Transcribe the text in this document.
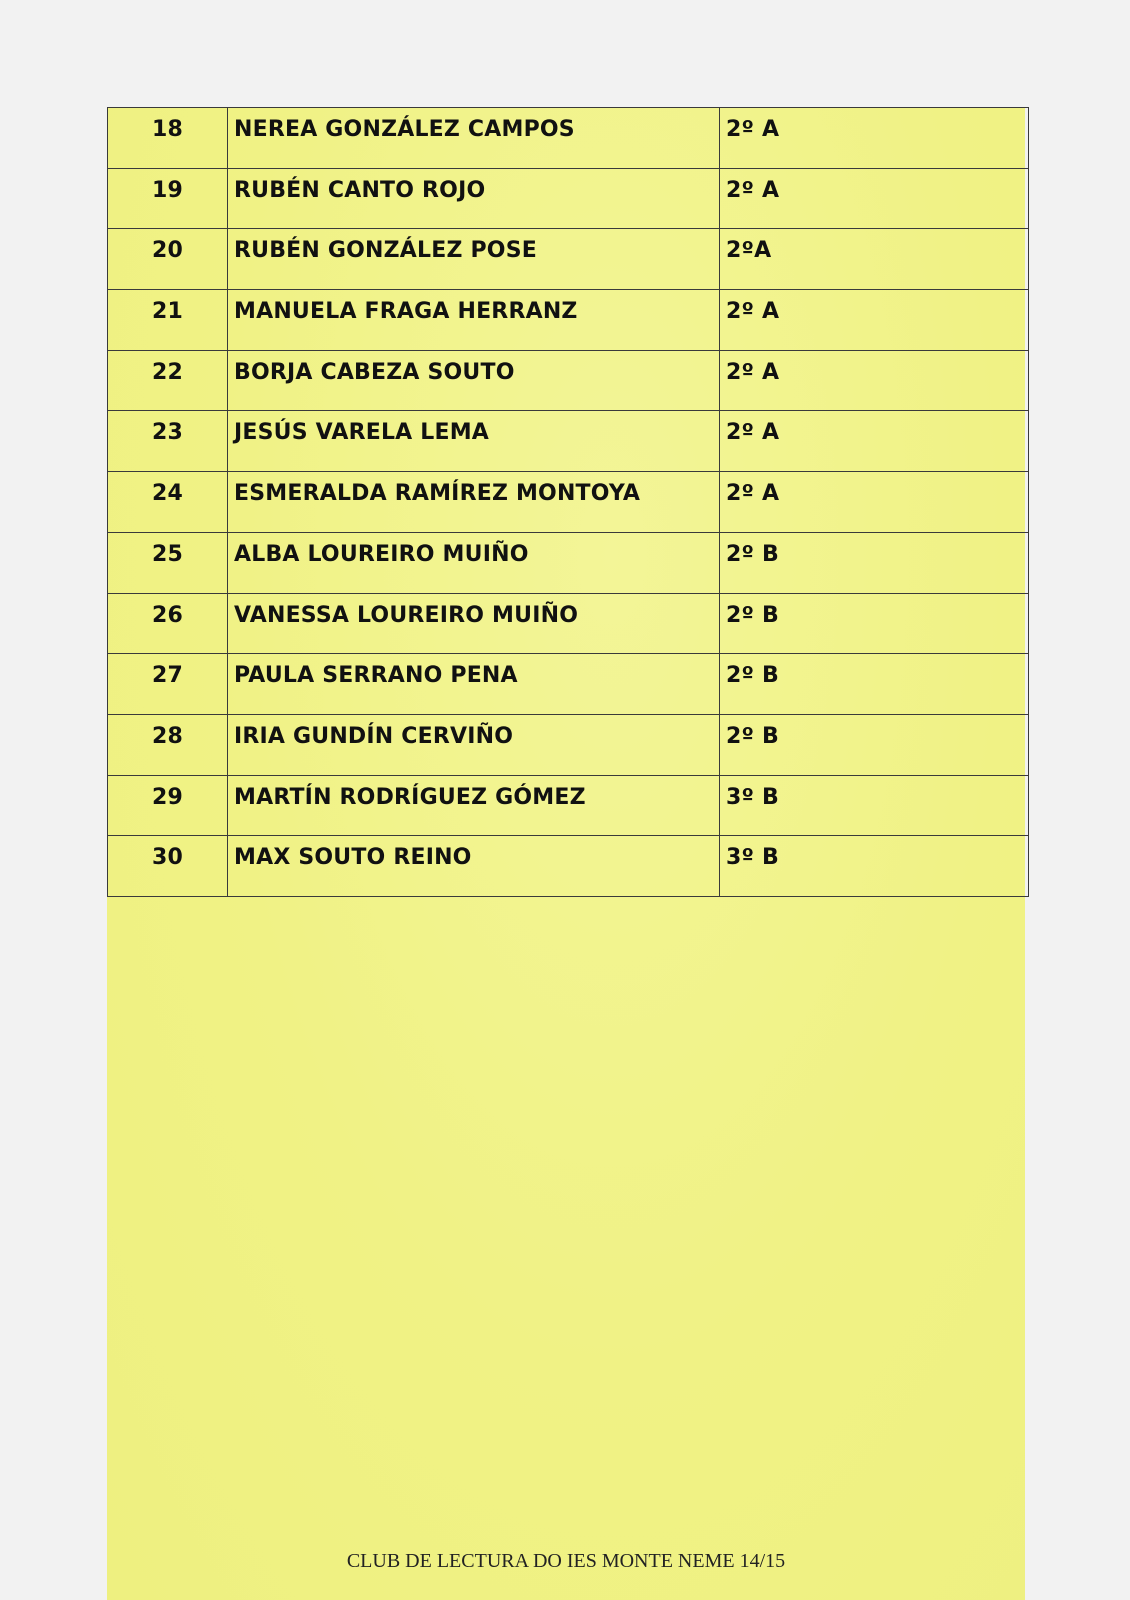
18	NEREA GONZÁLEZ CAMPOS	2º A
19	RUBÉN CANTO ROJO	2º A
20	RUBÉN GONZÁLEZ POSE	2ºA
21	MANUELA FRAGA HERRANZ	2º A
22	BORJA CABEZA SOUTO	2º A
23	JESÚS VARELA LEMA	2º A
24	ESMERALDA RAMÍREZ MONTOYA	2º A
25	ALBA LOUREIRO MUIÑO	2º B
26	VANESSA LOUREIRO MUIÑO	2º B
27	PAULA SERRANO PENA	2º B
28	IRIA GUNDÍN CERVIÑO	2º B
29	MARTÍN RODRÍGUEZ GÓMEZ	3º B
30	MAX SOUTO REINO	3º B
CLUB DE LECTURA DO IES MONTE NEME 14/15
